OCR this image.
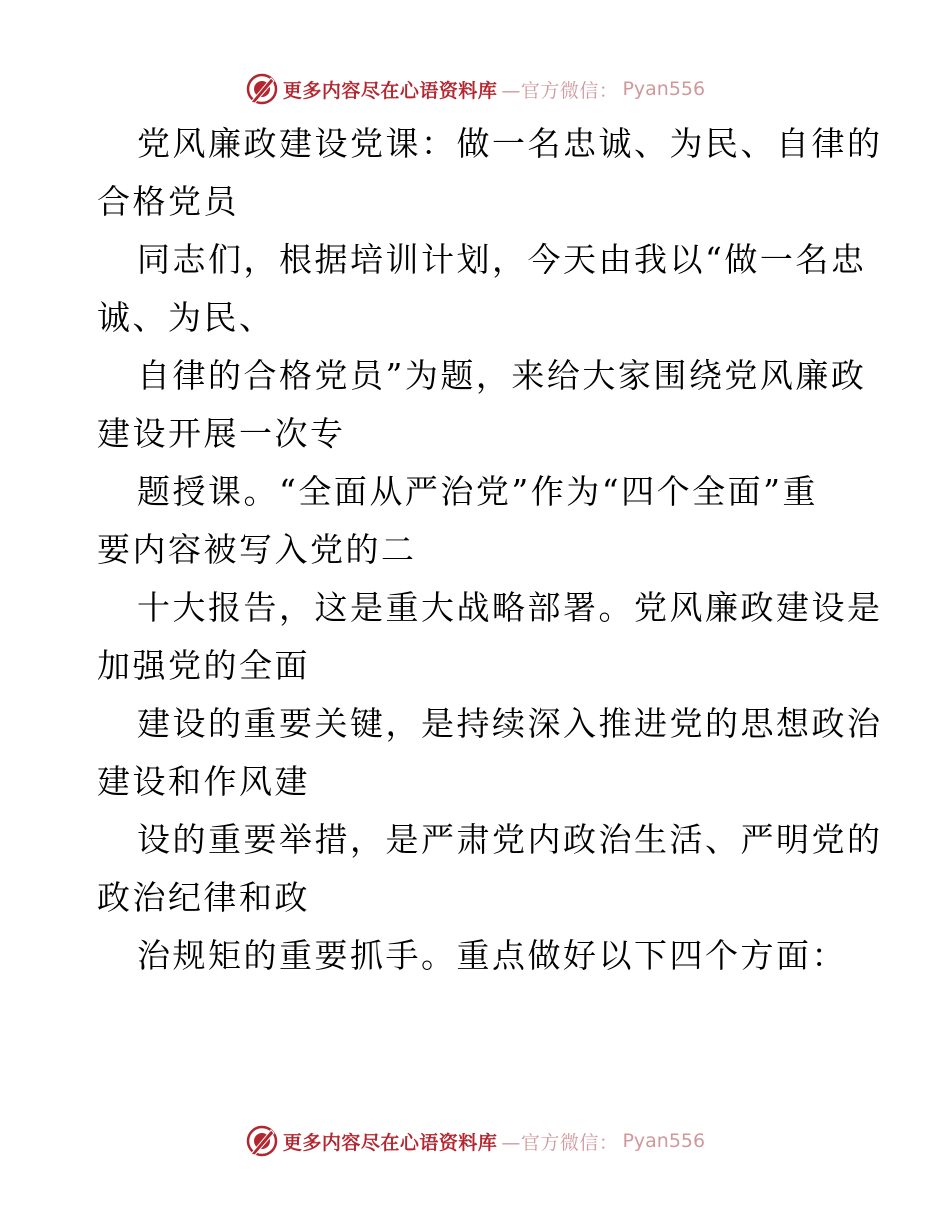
更多内容尽在心语资料库 —官方微信： Pyan556

党风廉政建设党课：做一名忠诚、为民、自律的
合格党员

同志们，根据培训计划，今天由我以“做一名忠
诚、为民、

自律的合格党员”为题，来给大家围绕党风廉政
建设开展一次专

题授课。“全面从严治党”作为“四个全面”重
要内容被写入党的二

十大报告，这是重大战略部署。党风廉政建设是
加强党的全面

建设的重要关键，是持续深入推进党的思想政治
建设和作风建

设的重要举措，是严肃党内政治生活、严明党的
政治纪律和政

治规矩的重要抓手。重点做好以下四个方面：

更多内容尽在心语资料库 —官方微信： Pyan556
